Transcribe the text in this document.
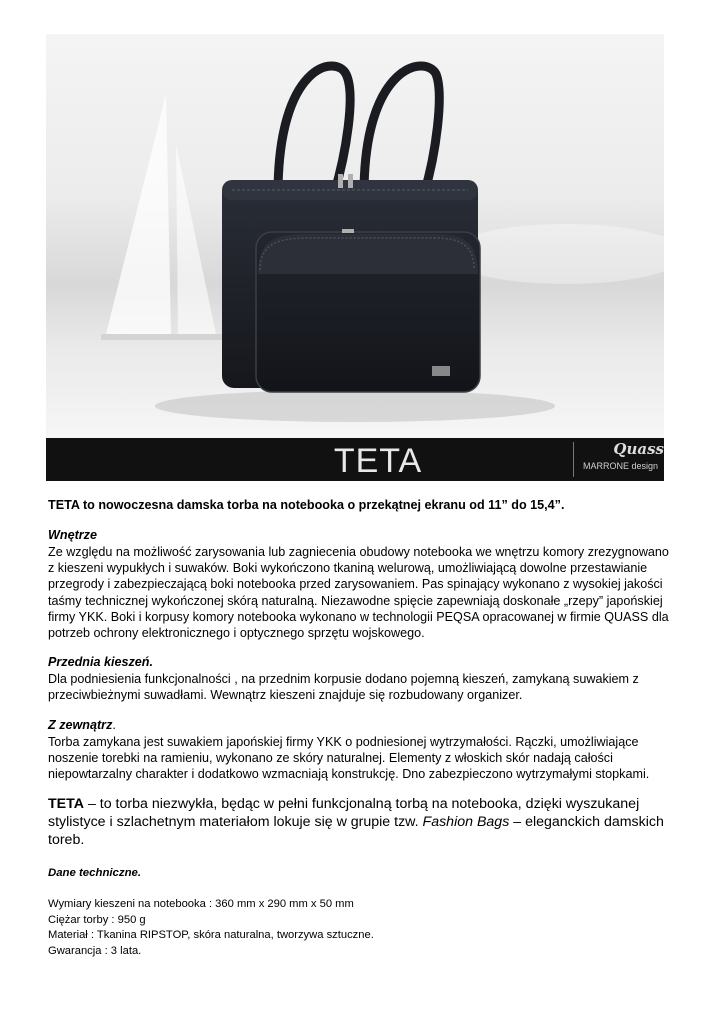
TETA	Quass
MARRONE design

TETA to nowoczesna damska torba na notebooka o przekątnej ekranu od 11” do 15,4”.

Wnętrze

Ze względu na możliwość zarysowania lub zagniecenia obudowy notebooka we wnętrzu komory zrezygnowano z kieszeni wypukłych i suwaków. Boki wykończono tkaniną welurową, umożliwiającą dowolne przestawianie przegrody i zabezpieczającą boki notebooka przed zarysowaniem. Pas spinający wykonano z wysokiej jakości taśmy technicznej wykończonej skórą naturalną. Niezawodne spięcie zapewniają doskonałe „rzepy” japońskiej firmy YKK. Boki i korpusy komory notebooka wykonano w technologii PEQSA opracowanej w firmie QUASS dla potrzeb ochrony elektronicznego i optycznego sprzętu wojskowego.

Przednia kieszeń.

Dla podniesienia funkcjonalności , na przednim korpusie dodano pojemną kieszeń, zamykaną suwakiem z przeciwbieżnymi suwadłami. Wewnątrz kieszeni znajduje się rozbudowany organizer.

Z zewnątrz.

Torba zamykana jest suwakiem japońskiej firmy YKK o podniesionej wytrzymałości. Rączki, umożliwiające noszenie torebki na ramieniu, wykonano ze skóry naturalnej. Elementy z włoskich skór nadają całości niepowtarzalny charakter i dodatkowo wzmacniają konstrukcję. Dno zabezpieczono wytrzymałymi stopkami.

TETA – to torba niezwykła, będąc w pełni funkcjonalną torbą na notebooka, dzięki wyszukanej stylistyce i szlachetnym materiałom lokuje się w grupie tzw. Fashion Bags – eleganckich damskich toreb.

Dane techniczne.

Wymiary kieszeni na notebooka : 360 mm x 290 mm x 50 mm
Ciężar torby : 950 g
Materiał : Tkanina RIPSTOP, skóra naturalna, tworzywa sztuczne.
Gwarancja : 3 lata.
